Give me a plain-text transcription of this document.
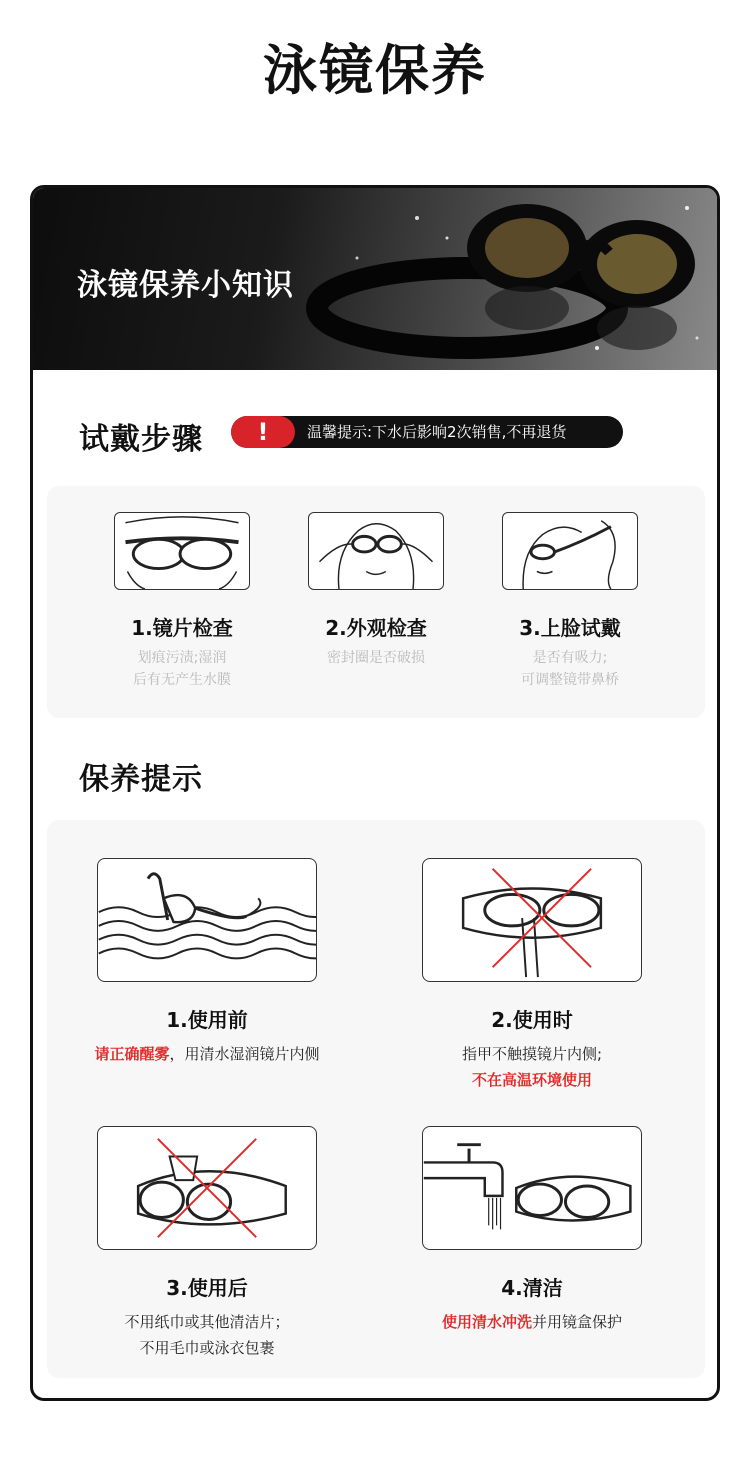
泳镜保养
泳镜保养小知识
试戴步骤	!	温馨提示:下水后影响2次销售,不再退货
1.镜片检查
划痕污渍;湿润
后有无产生水膜
2.外观检查
密封圈是否破损
3.上脸试戴
是否有吸力;
可调整镜带鼻桥
保养提示
1.使用前
请正确醒雾，用清水湿润镜片内侧
2.使用时
指甲不触摸镜片内侧;
不在高温环境使用
3.使用后
不用纸巾或其他清洁片；
不用毛巾或泳衣包裹
4.清洁
使用清水冲洗并用镜盒保护
